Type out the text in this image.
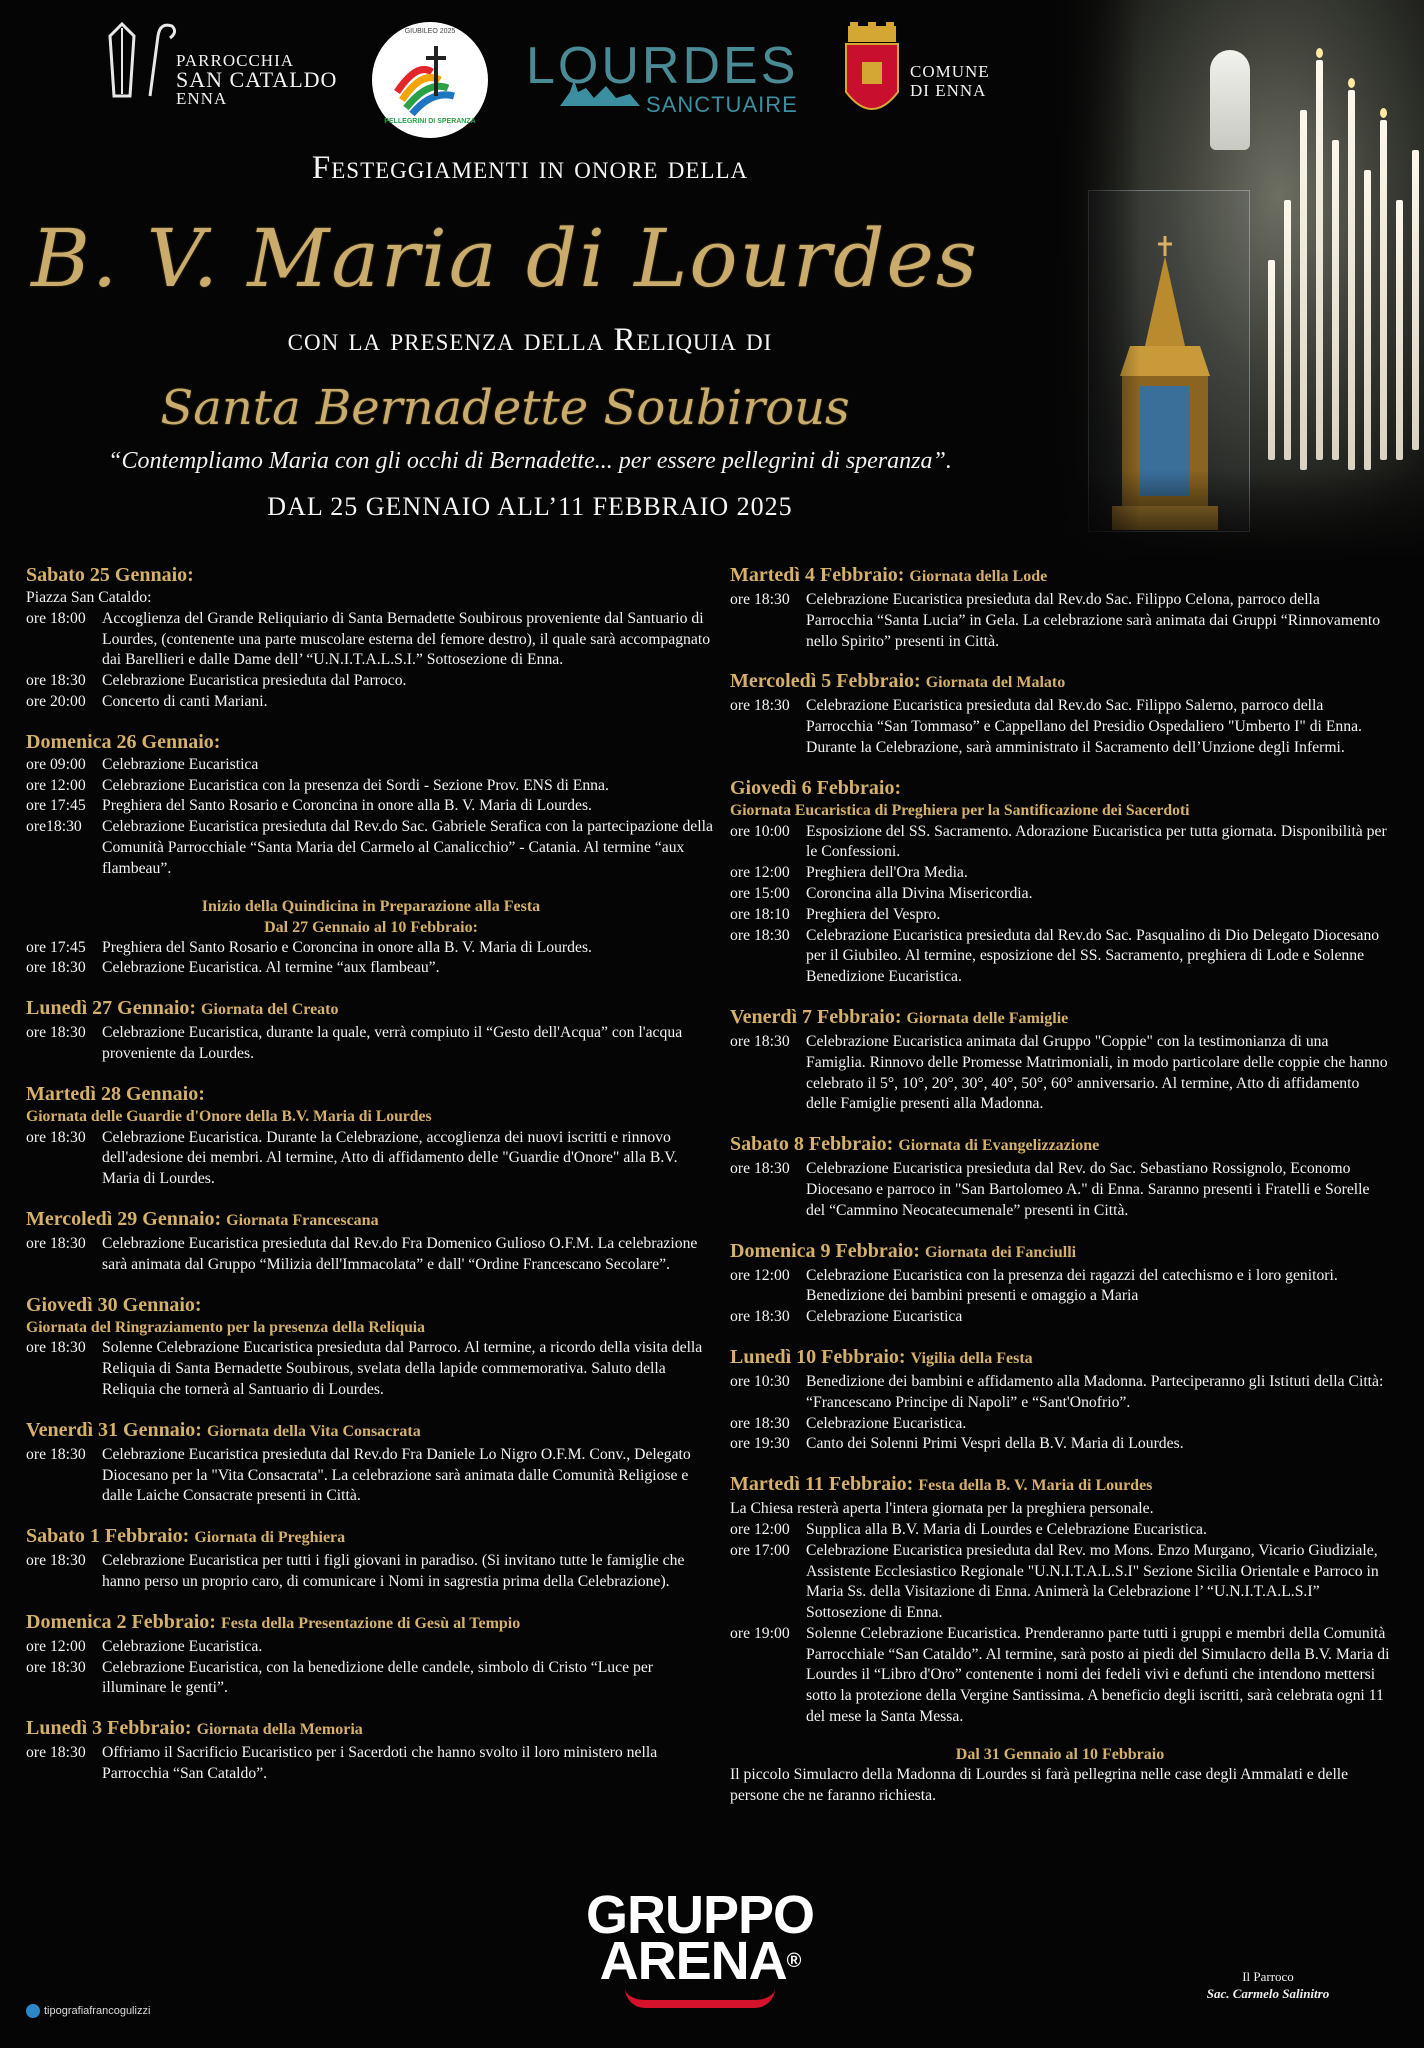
PARROCCHIA
SAN CATALDO
ENNA
GIUBILEO 2025
PELLEGRINI DI SPERANZA
LOURDES
SANCTUAIRE
COMUNE
DI ENNA
Festeggiamenti in onore della
B. V. Maria di Lourdes
con la presenza della Reliquia di
Santa Bernadette Soubirous
“Contempliamo Maria con gli occhi di Bernadette... per essere pellegrini di speranza”.
DAL 25 GENNAIO ALL’11 FEBBRAIO 2025
Sabato 25 Gennaio:
Piazza San Cataldo:
ore 18:00	Accoglienza del Grande Reliquiario di Santa Bernadette Soubirous proveniente dal Santuario di Lourdes, (contenente una parte muscolare esterna del femore destro), il quale sarà accompagnato dai Barellieri e dalle Dame dell’ “U.N.I.T.A.L.S.I.” Sottosezione di Enna.
ore 18:30	Celebrazione Eucaristica presieduta dal Parroco.
ore 20:00	Concerto di canti Mariani.
Domenica 26 Gennaio:
ore 09:00	Celebrazione Eucaristica
ore 12:00	Celebrazione Eucaristica con la presenza dei Sordi - Sezione Prov. ENS di Enna.
ore 17:45	Preghiera del Santo Rosario e Coroncina in onore alla B. V. Maria di Lourdes.
ore18:30	Celebrazione Eucaristica presieduta dal Rev.do Sac. Gabriele Serafica con la partecipazione della Comunità Parrocchiale “Santa Maria del Carmelo al Canalicchio” - Catania. Al termine “aux flambeau”.
Inizio della Quindicina in Preparazione alla Festa
Dal 27 Gennaio al 10 Febbraio:
ore 17:45	Preghiera del Santo Rosario e Coroncina in onore alla B. V. Maria di Lourdes.
ore 18:30	Celebrazione Eucaristica. Al termine “aux flambeau”.
Lunedì 27 Gennaio: Giornata del Creato
ore 18:30	Celebrazione Eucaristica, durante la quale, verrà compiuto il “Gesto dell'Acqua” con l'acqua proveniente da Lourdes.
Martedì 28 Gennaio:
Giornata delle Guardie d'Onore della B.V. Maria di Lourdes
ore 18:30	Celebrazione Eucaristica. Durante la Celebrazione, accoglienza dei nuovi iscritti e rinnovo dell'adesione dei membri. Al termine, Atto di affidamento delle "Guardie d'Onore" alla B.V. Maria di Lourdes.
Mercoledì 29 Gennaio: Giornata Francescana
ore 18:30	Celebrazione Eucaristica presieduta dal Rev.do Fra Domenico Gulioso O.F.M. La celebrazione sarà animata dal Gruppo “Milizia dell'Immacolata” e dall' “Ordine Francescano Secolare”.
Giovedì 30 Gennaio:
Giornata del Ringraziamento per la presenza della Reliquia
ore 18:30	Solenne Celebrazione Eucaristica presieduta dal Parroco. Al termine, a ricordo della visita della Reliquia di Santa Bernadette Soubirous, svelata della lapide commemorativa. Saluto della Reliquia che tornerà al Santuario di Lourdes.
Venerdì 31 Gennaio: Giornata della Vita Consacrata
ore 18:30	Celebrazione Eucaristica presieduta dal Rev.do Fra Daniele Lo Nigro O.F.M. Conv., Delegato Diocesano per la "Vita Consacrata". La celebrazione sarà animata dalle Comunità Religiose e dalle Laiche Consacrate presenti in Città.
Sabato 1 Febbraio: Giornata di Preghiera
ore 18:30	Celebrazione Eucaristica per tutti i figli giovani in paradiso. (Si invitano tutte le famiglie che hanno perso un proprio caro, di comunicare i Nomi in sagrestia prima della Celebrazione).
Domenica 2 Febbraio: Festa della Presentazione di Gesù al Tempio
ore 12:00	Celebrazione Eucaristica.
ore 18:30	Celebrazione Eucaristica, con la benedizione delle candele, simbolo di Cristo “Luce per illuminare le genti”.
Lunedì 3 Febbraio: Giornata della Memoria
ore 18:30	Offriamo il Sacrificio Eucaristico per i Sacerdoti che hanno svolto il loro ministero nella Parrocchia “San Cataldo”.
Martedì 4 Febbraio: Giornata della Lode
ore 18:30	Celebrazione Eucaristica presieduta dal Rev.do Sac. Filippo Celona, parroco della Parrocchia “Santa Lucia” in Gela. La celebrazione sarà animata dai Gruppi “Rinnovamento nello Spirito” presenti in Città.
Mercoledì 5 Febbraio: Giornata del Malato
ore 18:30	Celebrazione Eucaristica presieduta dal Rev.do Sac. Filippo Salerno, parroco della Parrocchia “San Tommaso” e Cappellano del Presidio Ospedaliero "Umberto I" di Enna. Durante la Celebrazione, sarà amministrato il Sacramento dell’Unzione degli Infermi.
Giovedì 6 Febbraio:
Giornata Eucaristica di Preghiera per la Santificazione dei Sacerdoti
ore 10:00	Esposizione del SS. Sacramento. Adorazione Eucaristica per tutta giornata. Disponibilità per le Confessioni.
ore 12:00	Preghiera dell'Ora Media.
ore 15:00	Coroncina alla Divina Misericordia.
ore 18:10	Preghiera del Vespro.
ore 18:30	Celebrazione Eucaristica presieduta dal Rev.do Sac. Pasqualino di Dio Delegato Diocesano per il Giubileo. Al termine, esposizione del SS. Sacramento, preghiera di Lode e Solenne Benedizione Eucaristica.
Venerdì 7 Febbraio: Giornata delle Famiglie
ore 18:30	Celebrazione Eucaristica animata dal Gruppo "Coppie" con la testimonianza di una Famiglia. Rinnovo delle Promesse Matrimoniali, in modo particolare delle coppie che hanno celebrato il 5°, 10°, 20°, 30°, 40°, 50°, 60° anniversario. Al termine, Atto di affidamento delle Famiglie presenti alla Madonna.
Sabato 8 Febbraio: Giornata di Evangelizzazione
ore 18:30	Celebrazione Eucaristica presieduta dal Rev. do Sac. Sebastiano Rossignolo, Economo Diocesano e parroco in "San Bartolomeo A." di Enna. Saranno presenti i Fratelli e Sorelle del “Cammino Neocatecumenale” presenti in Città.
Domenica 9 Febbraio: Giornata dei Fanciulli
ore 12:00	Celebrazione Eucaristica con la presenza dei ragazzi del catechismo e i loro genitori. Benedizione dei bambini presenti e omaggio a Maria
ore 18:30	Celebrazione Eucaristica
Lunedì 10 Febbraio: Vigilia della Festa
ore 10:30	Benedizione dei bambini e affidamento alla Madonna. Parteciperanno gli Istituti della Città: “Francescano Principe di Napoli” e “Sant'Onofrio”.
ore 18:30	Celebrazione Eucaristica.
ore 19:30	Canto dei Solenni Primi Vespri della B.V. Maria di Lourdes.
Martedì 11 Febbraio: Festa della B. V. Maria di Lourdes
La Chiesa resterà aperta l'intera giornata per la preghiera personale.
ore 12:00	Supplica alla B.V. Maria di Lourdes e Celebrazione Eucaristica.
ore 17:00	Celebrazione Eucaristica presieduta dal Rev. mo Mons. Enzo Murgano, Vicario Giudiziale, Assistente Ecclesiastico Regionale "U.N.I.T.A.L.S.I" Sezione Sicilia Orientale e Parroco in Maria Ss. della Visitazione di Enna. Animerà la Celebrazione l’ “U.N.I.T.A.L.S.I” Sottosezione di Enna.
ore 19:00	Solenne Celebrazione Eucaristica. Prenderanno parte tutti i gruppi e membri della Comunità Parrocchiale “San Cataldo”. Al termine, sarà posto ai piedi del Simulacro della B.V. Maria di Lourdes il “Libro d'Oro” contenente i nomi dei fedeli vivi e defunti che intendono mettersi sotto la protezione della Vergine Santissima. A beneficio degli iscritti, sarà celebrata ogni 11 del mese la Santa Messa.
Dal 31 Gennaio al 10 Febbraio
Il piccolo Simulacro della Madonna di Lourdes si farà pellegrina nelle case degli Ammalati e delle persone che ne faranno richiesta.
GRUPPO
ARENA®
Il Parroco
Sac. Carmelo Salinitro
tipografiafrancogulizzi
